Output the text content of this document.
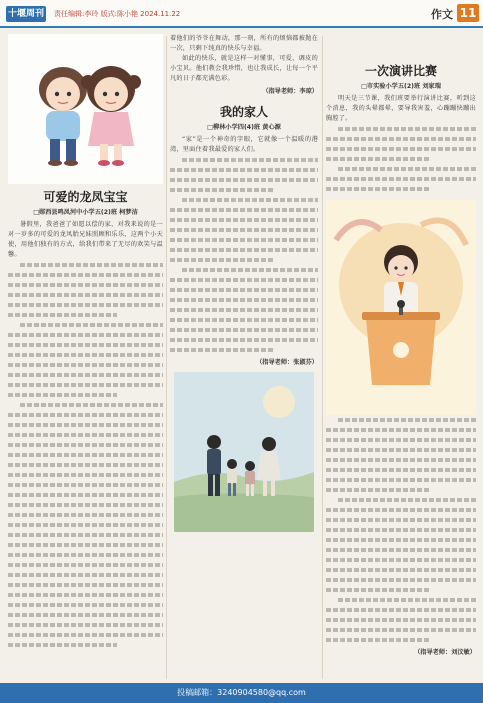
十堰周刊 责任编辑:李玲 版式:陈小艳 2024.11.22	作文 11
可爱的龙凤宝宝
□郧西县鸣凤河中小学五(2)班 柯梦洁

暑假里，我爸爸了如愿以偿的家，对我来说的是一对一岁多的可爱的龙凤胎兄妹照顾和乐乐，这两个小天使，用他们独有的方式，给我们带来了无尽的欢笑与温馨。

着他们的爷爷在舞动，那一刻，所有的烦恼都被抛在一次，只剩下纯真的快乐与幸福。

如此的快乐，就是这样一对懂事，可爱，调皮的小宝贝。他们教会我珍惜，也让我成长，让每一个平凡的日子都充满色彩。

（指导老师：李琼）
我的家人
□柳林小学四(4)班 黄心源

“家”是一个神奇的字眼，它就像一个温暖的港湾，里面住着我最爱的家人们。

（指导老师：张淑芬）
一次演讲比赛
□市实验小学五(2)班 刘家瑞

明天是三节课，我们班要举行演讲比赛，听到这个消息，我的头晕都晕，要导我害羞，心蹦蹦快蹦出胸腔了。

（指导老师：刘汶敏）
投稿邮箱：3240904580@qq.com
